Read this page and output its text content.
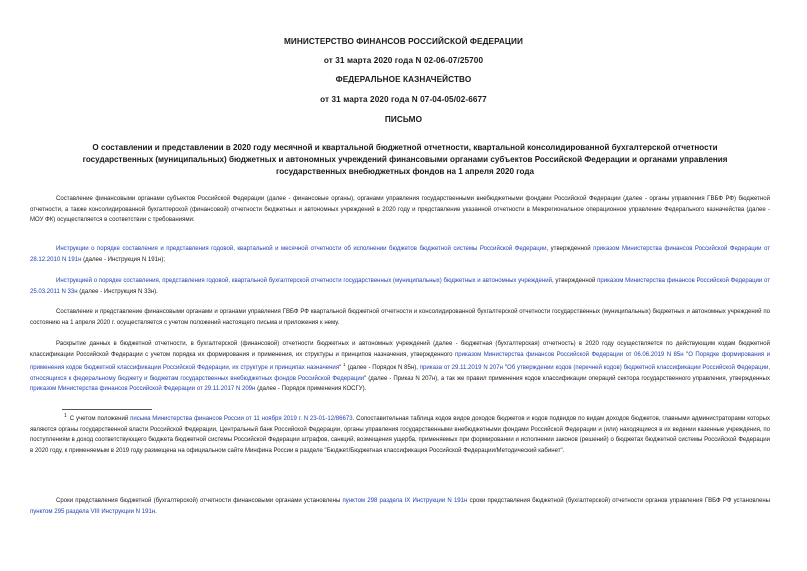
МИНИСТЕРСТВО ФИНАНСОВ РОССИЙСКОЙ ФЕДЕРАЦИИ
от 31 марта 2020 года N 02-06-07/25700
ФЕДЕРАЛЬНОЕ КАЗНАЧЕЙСТВО
от 31 марта 2020 года N 07-04-05/02-6677
ПИСЬМО
О составлении и представлении в 2020 году месячной и квартальной бюджетной отчетности, квартальной консолидированной бухгалтерской отчетности государственных (муниципальных) бюджетных и автономных учреждений финансовыми органами субъектов Российской Федерации и органами управления государственных внебюджетных фондов на 1 апреля 2020 года
Составление финансовыми органами субъектов Российской Федерации (далее - финансовые органы), органами управления государственными внебюджетными фондами Российской Федерации (далее - органы управления ГВБФ РФ) бюджетной отчетности, а также консолидированной бухгалтерской (финансовой) отчетности бюджетных и автономных учреждений в 2020 году и представление указанной отчетности в Межрегиональное операционное управление Федерального казначейства (далее - МОУ ФК) осуществляется в соответствии с требованиями:
Инструкции о порядке составления и представления годовой, квартальной и месячной отчетности об исполнении бюджетов бюджетной системы Российской Федерации, утвержденной приказом Министерства финансов Российской Федерации от 28.12.2010 N 191н (далее - Инструкция N 191н);
Инструкцией о порядке составления, представления годовой, квартальной бухгалтерской отчетности государственных (муниципальных) бюджетных и автономных учреждений, утвержденной приказом Министерства финансов Российской Федерации от 25.03.2011 N 33н (далее - Инструкция N 33н).
Составление и представление финансовыми органами и органами управления ГВБФ РФ квартальной бюджетной отчетности и консолидированной бухгалтерской отчетности государственных (муниципальных) бюджетных и автономных учреждений по состоянию на 1 апреля 2020 г. осуществляется с учетом положений настоящего письма и приложения к нему.
Раскрытие данных в бюджетной отчетности, в бухгалтерской (финансовой) отчетности бюджетных и автономных учреждений (далее - бюджетная (бухгалтерская) отчетность) в 2020 году осуществляется по действующим кодам бюджетной классификации Российской Федерации с учетом порядка их формирования и применения, их структуры и принципов назначения, утвержденного приказом Министерства финансов Российской Федерации от 06.06.2019 N 85н "О Порядке формирования и применения кодов бюджетной классификации Российской Федерации, их структуре и принципах назначения" $^1$ (далее - Порядок N 85н), приказа от 29.11.2019 N 207н "Об утверждении кодов (перечней кодов) бюджетной классификации Российской Федерации, относящихся к федеральному бюджету и бюджетам государственных внебюджетных фондов Российской Федерации" (далее - Приказ N 207н), а так же правил применения кодов классификации операций сектора государственного управления, утвержденных приказом Министерства финансов Российской Федерации от 29.11.2017 N 209н (далее - Порядок применения КОСГУ).
$^1$С учетом положений письма Министерства финансов России от 11 ноября 2019 г. N 23-01-12/86673. Сопоставительная таблица кодов видов доходов бюджетов и кодов подвидов по видам доходов бюджетов, главными администраторами которых являются органы государственной власти Российской Федерации, Центральный банк Российской Федерации, органы управления государственными внебюджетными фондами Российской Федерации и (или) находящиеся в их ведении казенные учреждения, по поступлениям в доход соответствующего бюджета бюджетной системы Российской Федерации штрафов, санкций, возмещения ущерба, применяемых при формировании и исполнении законов (решений) о бюджетах бюджетной системы Российской Федерации в 2020 году, к применяемым в 2019 году размещена на официальном сайте Минфина России в разделе "Бюджет/Бюджетная классификация Российской Федерации/Методический кабинет".
Сроки представления бюджетной (бухгалтерской) отчетности финансовыми органами установлены пунктом 298 раздела IX Инструкции N 191н сроки представления бюджетной (бухгалтерской) отчетности органов управления ГВБФ РФ установлены пунктом 295 раздела VIII Инструкции N 191н.
